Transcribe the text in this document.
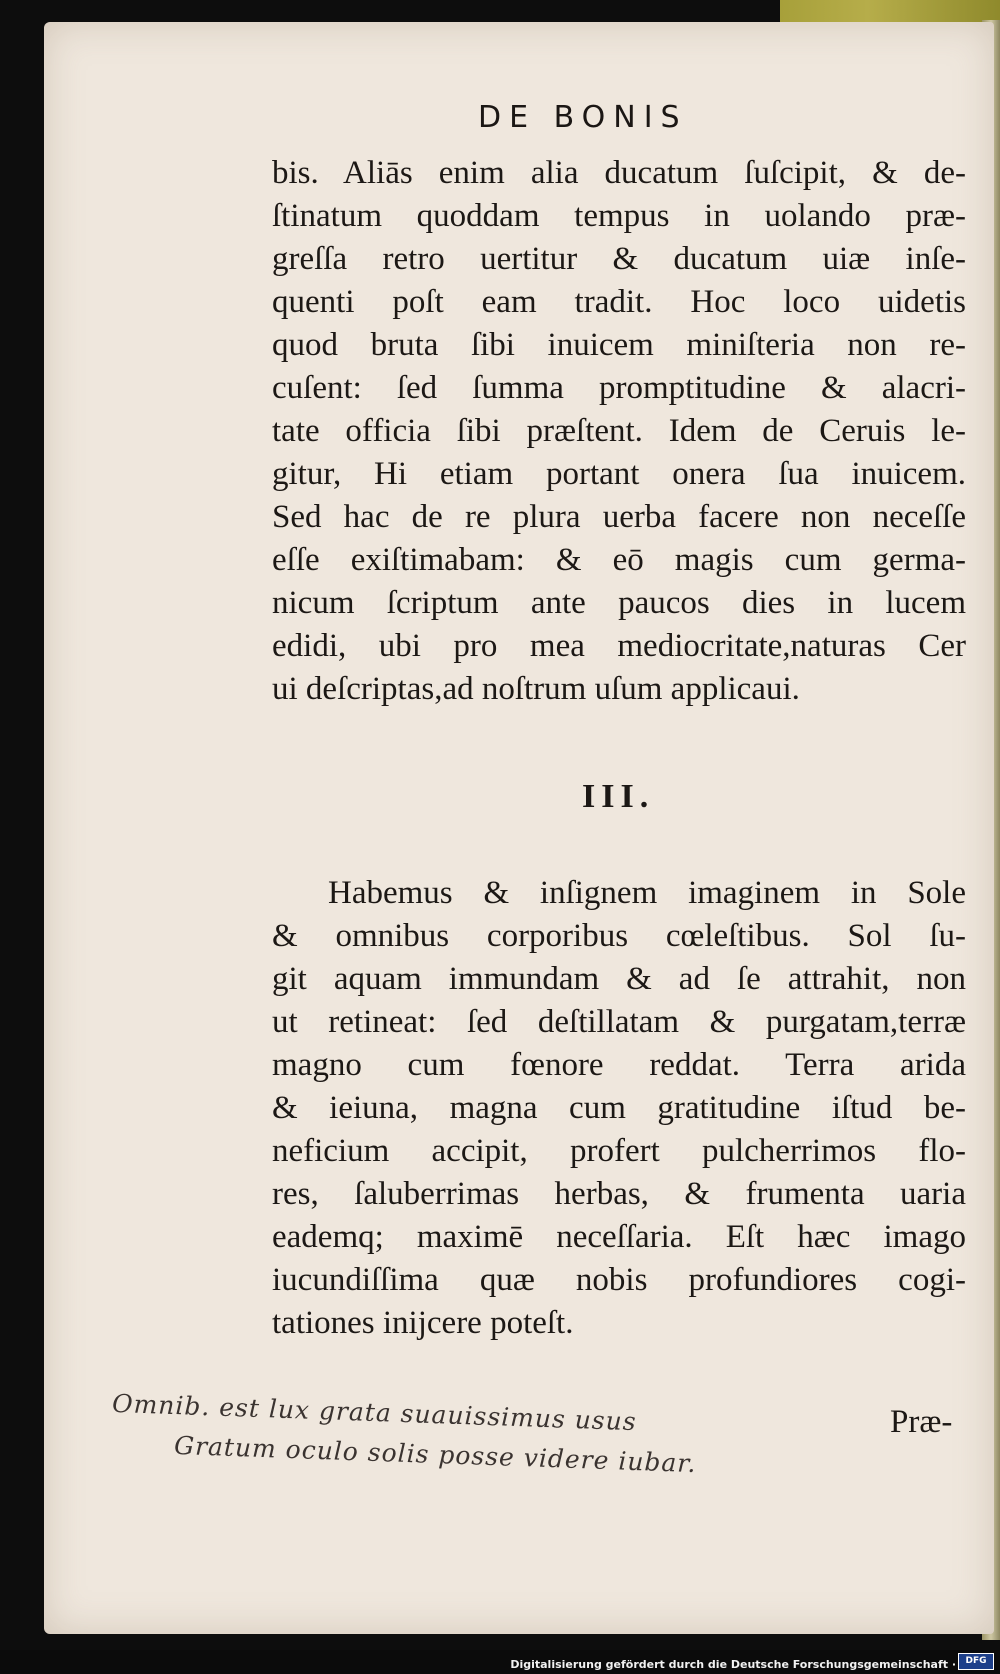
DE BONIS
bis. Aliās enim alia ducatum ſuſcipit, & de-
ſtinatum quoddam tempus in uolando præ-
greſſa retro uertitur & ducatum uiæ inſe-
quenti poſt eam tradit. Hoc loco uidetis
quod bruta ſibi inuicem miniſteria non re-
cuſent: ſed ſumma promptitudine & alacri-
tate officia ſibi præſtent. Idem de Ceruis le-
gitur, Hi etiam portant onera ſua inuicem.
Sed hac de re plura uerba facere non neceſſe
eſſe exiſtimabam: & eō magis cum germa-
nicum ſcriptum ante paucos dies in lucem
edidi, ubi pro mea mediocritate,naturas Cer
ui deſcriptas,ad noſtrum uſum applicaui.
III.
Habemus & inſignem imaginem in Sole
& omnibus corporibus cœleſtibus. Sol ſu-
git aquam immundam & ad ſe attrahit, non
ut retineat: ſed deſtillatam & purgatam,terræ
magno cum fœnore reddat. Terra arida
& ieiuna, magna cum gratitudine iſtud be-
neficium accipit, profert pulcherrimos flo-
res, ſaluberrimas herbas, & frumenta uaria
eademq; maximē neceſſaria. Eſt hæc imago
iucundiſſima quæ nobis profundiores cogi-
tationes inijcere poteſt.
Omnib. est lux grata suauissimus usus
Gratum oculo solis posse videre iubar.
Præ-
Digitalisierung gefördert durch die Deutsche Forschungsgemeinschaft ·	DFG
